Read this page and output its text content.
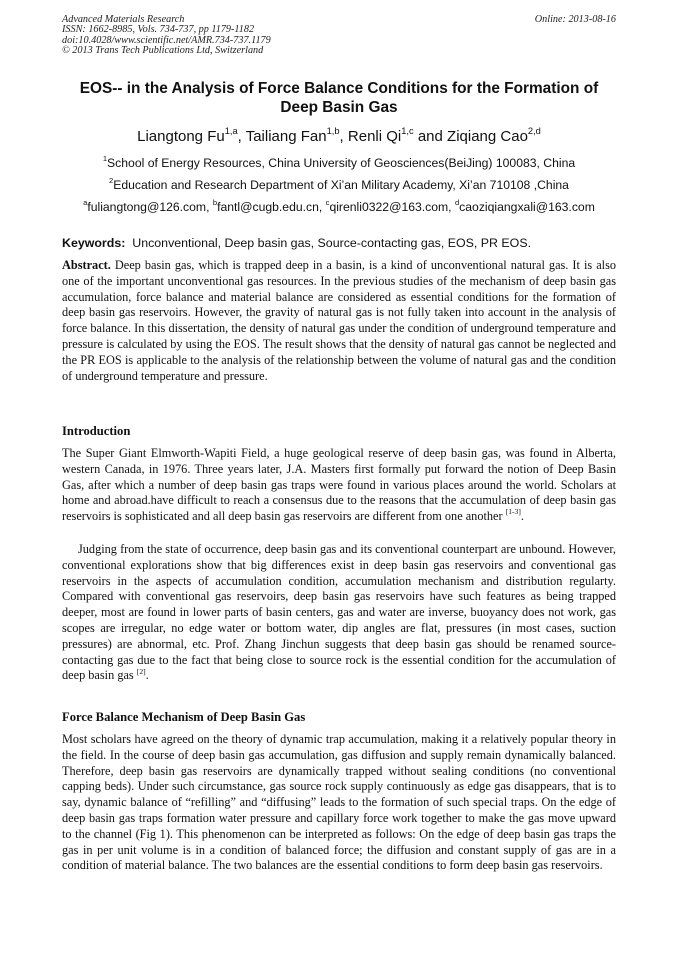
Advanced Materials Research
ISSN: 1662-8985, Vols. 734-737, pp 1179-1182
doi:10.4028/www.scientific.net/AMR.734-737.1179
© 2013 Trans Tech Publications Ltd, Switzerland
Online: 2013-08-16
EOS-- in the Analysis of Force Balance Conditions for the Formation of
Deep Basin Gas
Liangtong Fu$^{1,a}$, Tailiang Fan$^{1,b}$, Renli Qi$^{1,c}$ and Ziqiang Cao$^{2,d}$
$^1$School of Energy Resources, China University of Geosciences(BeiJing) 100083, China
$^2$Education and Research Department of Xi’an Military Academy, Xi’an 710108 ,China
$^a$fuliangtong@126.com, $^b$fantl@cugb.edu.cn, $^c$qirenli0322@163.com, $^d$caoziqiangxali@163.com
Keywords: Unconventional, Deep basin gas, Source-contacting gas, EOS, PR EOS.
Abstract. Deep basin gas, which is trapped deep in a basin, is a kind of unconventional natural gas. It is also one of the important unconventional gas resources. In the previous studies of the mechanism of deep basin gas accumulation, force balance and material balance are considered as essential conditions for the formation of deep basin gas reservoirs. However, the gravity of natural gas is not fully taken into account in the analysis of force balance. In this dissertation, the density of natural gas under the condition of underground temperature and pressure is calculated by using the EOS. The result shows that the density of natural gas cannot be neglected and the PR EOS is applicable to the analysis of the relationship between the volume of natural gas and the condition of underground temperature and pressure.
Introduction
The Super Giant Elmworth-Wapiti Field, a huge geological reserve of deep basin gas, was found in Alberta, western Canada, in 1976. Three years later, J.A. Masters first formally put forward the notion of Deep Basin Gas, after which a number of deep basin gas traps were found in various places around the world. Scholars at home and abroad.have difficult to reach a consensus due to the reasons that the accumulation of deep basin gas reservoirs is sophisticated and all deep basin gas reservoirs are different from one another [1-3].
Judging from the state of occurrence, deep basin gas and its conventional counterpart are unbound. However, conventional explorations show that big differences exist in deep basin gas reservoirs and conventional gas reservoirs in the aspects of accumulation condition, accumulation mechanism and distribution regularty. Compared with conventional gas reservoirs, deep basin gas reservoirs have such features as being trapped deeper, most are found in lower parts of basin centers, gas and water are inverse, buoyancy does not work, gas scopes are irregular, no edge water or bottom water, dip angles are flat, pressures (in most cases, suction pressures) are abnormal, etc. Prof. Zhang Jinchun suggests that deep basin gas should be renamed source-contacting gas due to the fact that being close to source rock is the essential condition for the accumulation of deep basin gas [2].
Force Balance Mechanism of Deep Basin Gas
Most scholars have agreed on the theory of dynamic trap accumulation, making it a relatively popular theory in the field. In the course of deep basin gas accumulation, gas diffusion and supply remain dynamically balanced. Therefore, deep basin gas reservoirs are dynamically trapped without sealing conditions (no conventional capping beds). Under such circumstance, gas source rock supply continuously as edge gas disappears, that is to say, dynamic balance of “refilling” and “diffusing” leads to the formation of such special traps. On the edge of deep basin gas traps formation water pressure and capillary force work together to make the gas move upward to the channel (Fig 1). This phenomenon can be interpreted as follows: On the edge of deep basin gas traps the gas in per unit volume is in a condition of balanced force; the diffusion and constant supply of gas are in a condition of material balance. The two balances are the essential conditions to form deep basin gas reservoirs.
